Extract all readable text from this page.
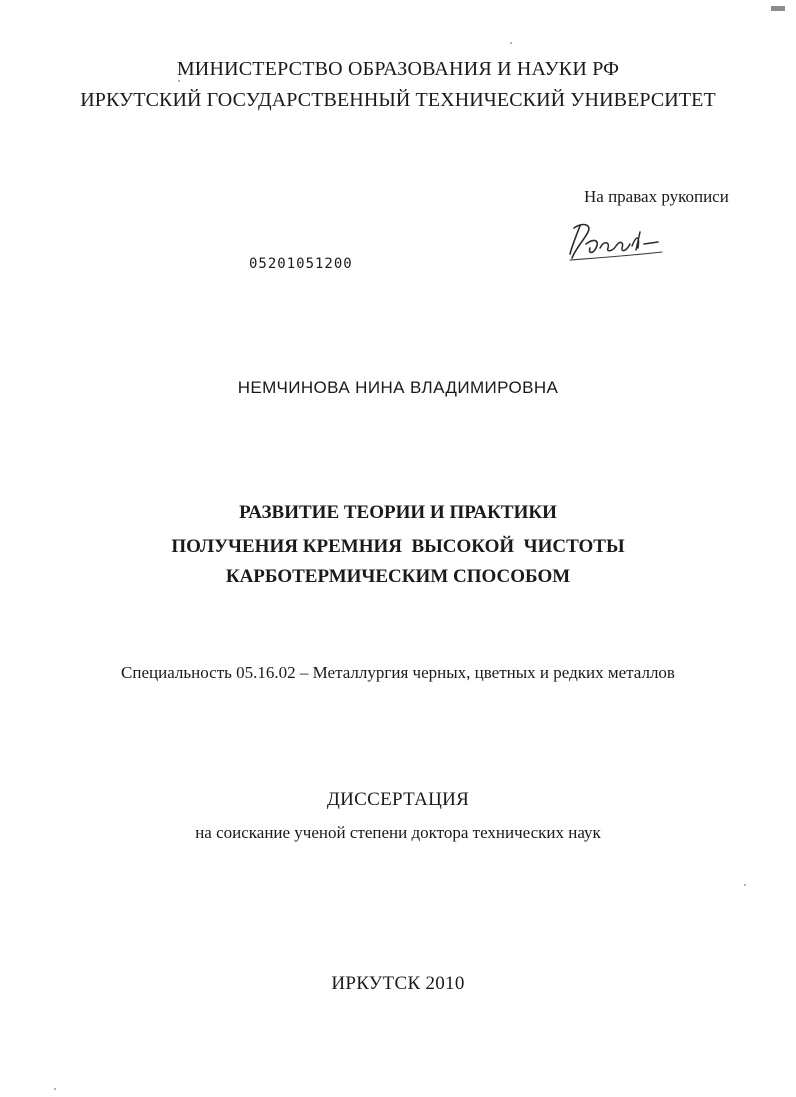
МИНИСТЕРСТВО ОБРАЗОВАНИЯ И НАУКИ РФ
ИРКУТСКИЙ ГОСУДАРСТВЕННЫЙ ТЕХНИЧЕСКИЙ УНИВЕРСИТЕТ
На правах рукописи
05201051200
НЕМЧИНОВА НИНА ВЛАДИМИРОВНА
РАЗВИТИЕ ТЕОРИИ И ПРАКТИКИ
ПОЛУЧЕНИЯ КРЕМНИЯ  ВЫСОКОЙ  ЧИСТОТЫ
КАРБОТЕРМИЧЕСКИМ СПОСОБОМ
Специальность 05.16.02 – Металлургия черных, цветных и редких металлов
ДИССЕРТАЦИЯ
на соискание ученой степени доктора технических наук
ИРКУТСК 2010
